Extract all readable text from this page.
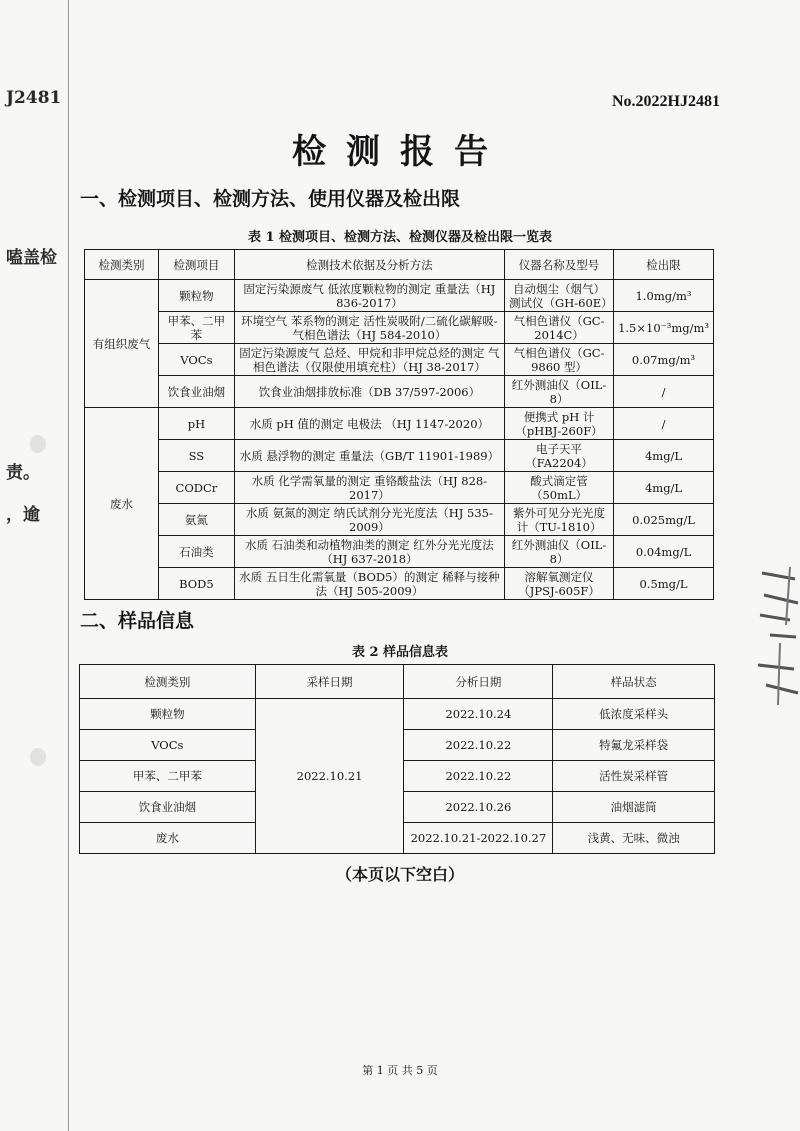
J2481
嗑盖检
责。
，逾
No.2022HJ2481
检测报告
一、检测项目、检测方法、使用仪器及检出限
表 1 检测项目、检测方法、检测仪器及检出限一览表
检测类别	检测项目	检测技术依据及分析方法	仪器名称及型号	检出限
有组织废气	颗粒物	固定污染源废气 低浓度颗粒物的测定 重量法（HJ 836-2017）	自动烟尘（烟气）测试仪（GH-60E）	1.0mg/m³
	甲苯、二甲苯	环境空气 苯系物的测定 活性炭吸附/二硫化碳解吸-气相色谱法（HJ 584-2010）	气相色谱仪（GC-2014C）	1.5×10⁻³mg/m³
	VOCs	固定污染源废气 总烃、甲烷和非甲烷总烃的测定 气相色谱法（仅限使用填充柱）（HJ 38-2017）	气相色谱仪（GC-9860 型）	0.07mg/m³
	饮食业油烟	饮食业油烟排放标准（DB 37/597-2006）	红外测油仪（OIL-8）	/
废水	pH	水质 pH 值的测定 电极法 （HJ 1147-2020）	便携式 pH 计（pHBJ-260F）	/
	SS	水质 悬浮物的测定 重量法（GB/T 11901-1989）	电子天平（FA2204）	4mg/L
	CODCr	水质 化学需氧量的测定 重铬酸盐法（HJ 828-2017）	酸式滴定管（50mL）	4mg/L
	氨氮	水质 氨氮的测定 纳氏试剂分光光度法（HJ 535-2009）	紫外可见分光光度计（TU-1810）	0.025mg/L
	石油类	水质 石油类和动植物油类的测定 红外分光光度法（HJ 637-2018）	红外测油仪（OIL-8）	0.04mg/L
	BOD5	水质 五日生化需氧量（BOD5）的测定 稀释与接种法（HJ 505-2009）	溶解氧测定仪（JPSJ-605F）	0.5mg/L
二、样品信息
表 2 样品信息表
检测类别	采样日期	分析日期	样品状态
颗粒物	2022.10.21	2022.10.24	低浓度采样头
VOCs		2022.10.22	特氟龙采样袋
甲苯、二甲苯		2022.10.22	活性炭采样管
饮食业油烟		2022.10.26	油烟滤筒
废水		2022.10.21-2022.10.27	浅黄、无味、微浊
（本页以下空白）
第 1 页 共 5 页
